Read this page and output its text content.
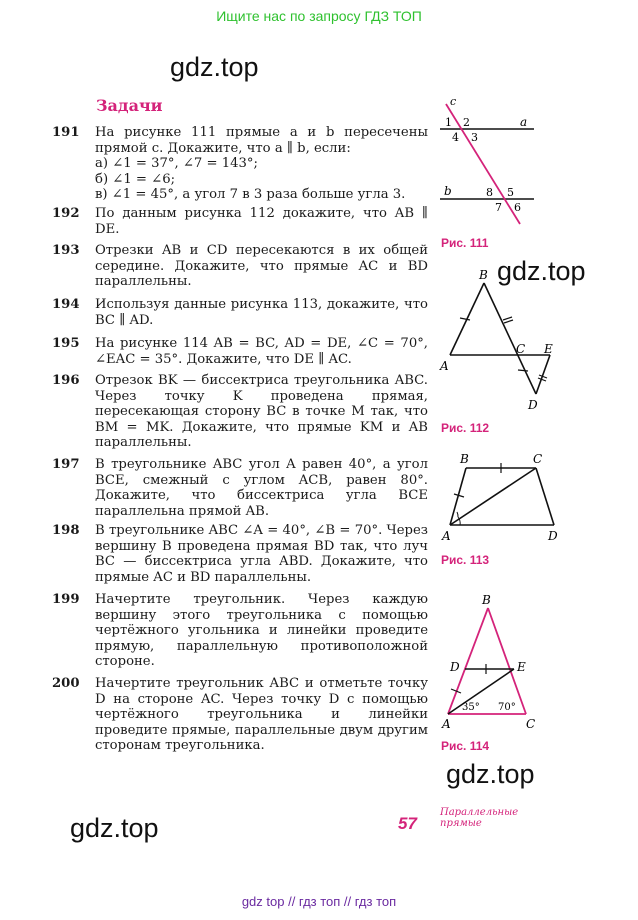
Ищите нас по запросу ГДЗ ТОП
gdz.top
gdz.top
gdz.top
gdz.top
Задачи
191	На рисунке 111 прямые a и b пересечены прямой c. Докажите, что a ∥ b, если:
а) ∠1 = 37°, ∠7 = 143°;
б) ∠1 = ∠6;
в) ∠1 = 45°, а угол 7 в 3 раза больше угла 3.
192	По данным рисунка 112 докажите, что AB ∥ DE.
193	Отрезки AB и CD пересекаются в их общей середине. Докажите, что прямые AC и BD параллельны.
194	Используя данные рисунка 113, докажите, что BC ∥ AD.
195	На рисунке 114 AB = BC, AD = DE, ∠C = 70°, ∠EAC = 35°. Докажите, что DE ∥ AC.
196	Отрезок BK — биссектриса треугольника ABC. Через точку K проведена прямая, пересекающая сторону BC в точке M так, что BM = MK. Докажите, что прямые KM и AB параллельны.
197	В треугольнике ABC угол A равен 40°, а угол BCE, смежный с углом ACB, равен 80°. Докажите, что биссектриса угла BCE параллельна прямой AB.
198	В треугольнике ABC ∠A = 40°, ∠B = 70°. Через вершину B проведена прямая BD так, что луч BC — биссектриса угла ABD. Докажите, что прямые AC и BD параллельны.
199	Начертите треугольник. Через каждую вершину этого треугольника с помощью чертёжного угольника и линейки проведите прямую, параллельную противоположной стороне.
200	Начертите треугольник ABC и отметьте точку D на стороне AC. Через точку D с помощью чертёжного треугольника и линейки проведите прямые, параллельные двум другим сторонам треугольника.
c
a
b
1 2
4 3
8 5
7 6
Рис. 111
B
A
C E
D
Рис. 112
B	C
A	D
Рис. 113
B
D	E
A	C
35° 70°
Рис. 114
57
Параллельные
прямые
gdz top // гдз топ // гдз топ
